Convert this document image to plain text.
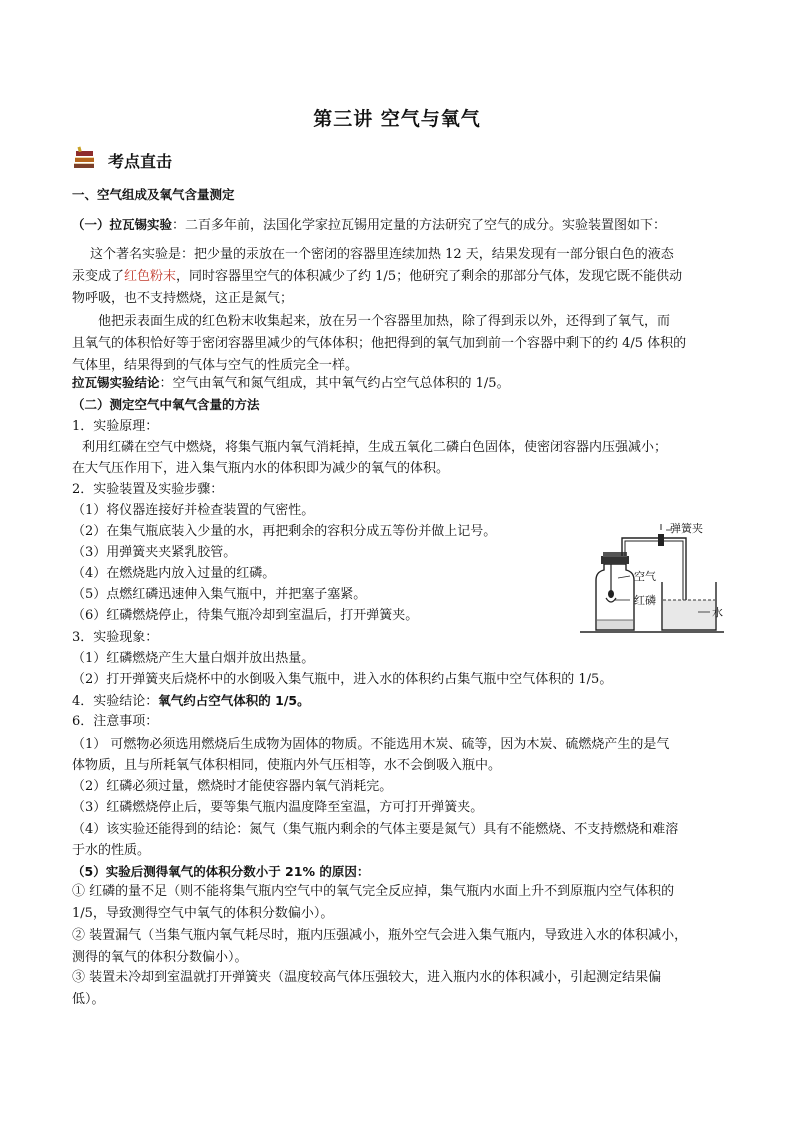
第三讲 空气与氧气
考点直击
一、空气组成及氧气含量测定
（一）拉瓦锡实验：二百多年前，法国化学家拉瓦锡用定量的方法研究了空气的成分。实验装置图如下：
这个著名实验是：把少量的汞放在一个密闭的容器里连续加热 12 天，结果发现有一部分银白色的液态
汞变成了红色粉末，同时容器里空气的体积减少了约 1/5；他研究了剩余的那部分气体，发现它既不能供动
物呼吸，也不支持燃烧，这正是氮气；
他把汞表面生成的红色粉末收集起来，放在另一个容器里加热，除了得到汞以外，还得到了氧气，而
且氧气的体积恰好等于密闭容器里减少的气体体积；他把得到的氧气加到前一个容器中剩下的约 4/5 体积的
气体里，结果得到的气体与空气的性质完全一样。
拉瓦锡实验结论：空气由氧气和氮气组成，其中氧气约占空气总体积的 1/5。
（二）测定空气中氧气含量的方法
1．实验原理：
利用红磷在空气中燃烧，将集气瓶内氧气消耗掉，生成五氧化二磷白色固体，使密闭容器内压强减小；
在大气压作用下，进入集气瓶内水的体积即为减少的氧气的体积。
2．实验装置及实验步骤：
（1）将仪器连接好并检查装置的气密性。
（2）在集气瓶底装入少量的水，再把剩余的容积分成五等份并做上记号。
（3）用弹簧夹夹紧乳胶管。
（4）在燃烧匙内放入过量的红磷。
（5）点燃红磷迅速伸入集气瓶中，并把塞子塞紧。
（6）红磷燃烧停止，待集气瓶冷却到室温后，打开弹簧夹。
3．实验现象：
（1）红磷燃烧产生大量白烟并放出热量。
（2）打开弹簧夹后烧杯中的水倒吸入集气瓶中，进入水的体积约占集气瓶中空气体积的 1/5。
4．实验结论：氧气约占空气体积的 1/5。
6．注意事项：
（1） 可燃物必须选用燃烧后生成物为固体的物质。不能选用木炭、硫等，因为木炭、硫燃烧产生的是气
体物质，且与所耗氧气体积相同，使瓶内外气压相等，水不会倒吸入瓶中。
（2）红磷必须过量，燃烧时才能使容器内氧气消耗完。
（3）红磷燃烧停止后，要等集气瓶内温度降至室温，方可打开弹簧夹。
（4）该实验还能得到的结论：氮气（集气瓶内剩余的气体主要是氮气）具有不能燃烧、不支持燃烧和难溶
于水的性质。
（5）实验后测得氧气的体积分数小于 21% 的原因：
① 红磷的量不足（则不能将集气瓶内空气中的氧气完全反应掉，集气瓶内水面上升不到原瓶内空气体积的
1/5，导致测得空气中氧气的体积分数偏小）。
② 装置漏气（当集气瓶内氧气耗尽时，瓶内压强减小，瓶外空气会进入集气瓶内，导致进入水的体积减小，
测得的氧气的体积分数偏小）。
③ 装置未冷却到室温就打开弹簧夹（温度较高气体压强较大，进入瓶内水的体积减小，引起测定结果偏
低）。
弹簧夹
空气
红磷
水
